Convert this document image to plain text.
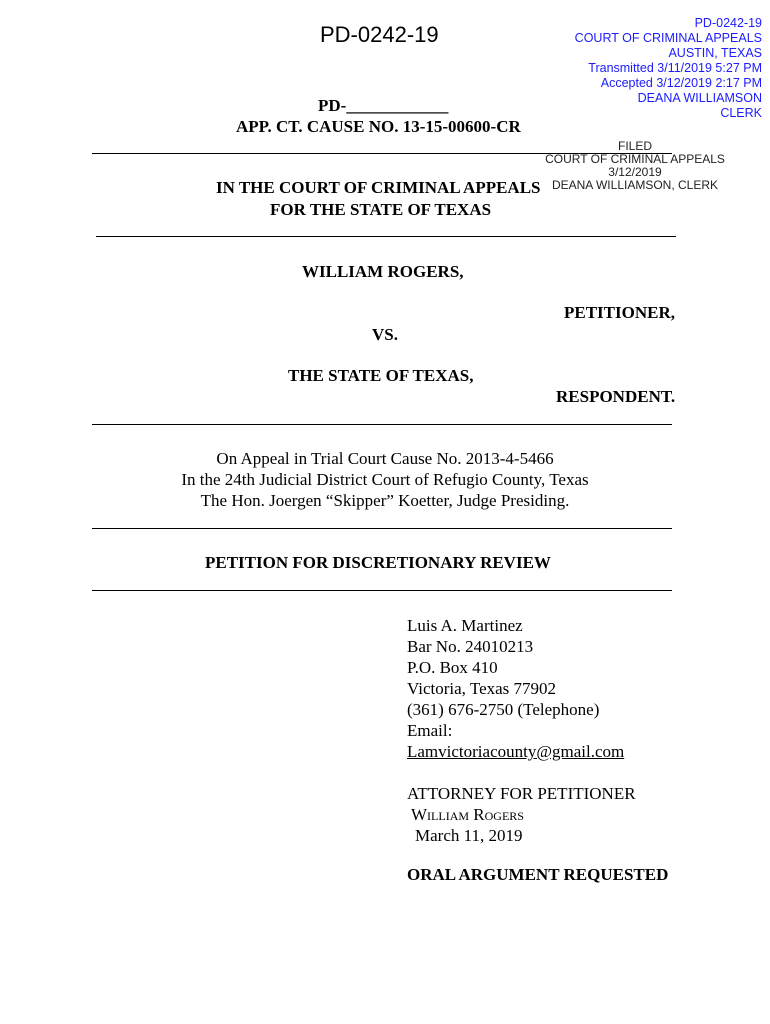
PD-0242-19	PD-0242-19
COURT OF CRIMINAL APPEALS
AUSTIN, TEXAS
Transmitted 3/11/2019 5:27 PM
Accepted 3/12/2019 2:17 PM
DEANA WILLIAMSON
CLERK
PD-____________
APP. CT. CAUSE NO. 13-15-00600-CR
FILED
COURT OF CRIMINAL APPEALS
3/12/2019
DEANA WILLIAMSON, CLERK
IN THE COURT OF CRIMINAL APPEALS
FOR THE STATE OF TEXAS
WILLIAM ROGERS,
PETITIONER,
VS.
THE STATE OF TEXAS,
RESPONDENT.
On Appeal in Trial Court Cause No. 2013-4-5466
In the 24th Judicial District Court of Refugio County, Texas
The Hon. Joergen “Skipper” Koetter, Judge Presiding.
PETITION FOR DISCRETIONARY REVIEW
Luis A. Martinez
Bar No. 24010213
P.O. Box 410
Victoria, Texas 77902
(361) 676-2750 (Telephone)
Email:
Lamvictoriacounty@gmail.com
ATTORNEY FOR PETITIONER
William Rogers
March 11, 2019
ORAL ARGUMENT REQUESTED
